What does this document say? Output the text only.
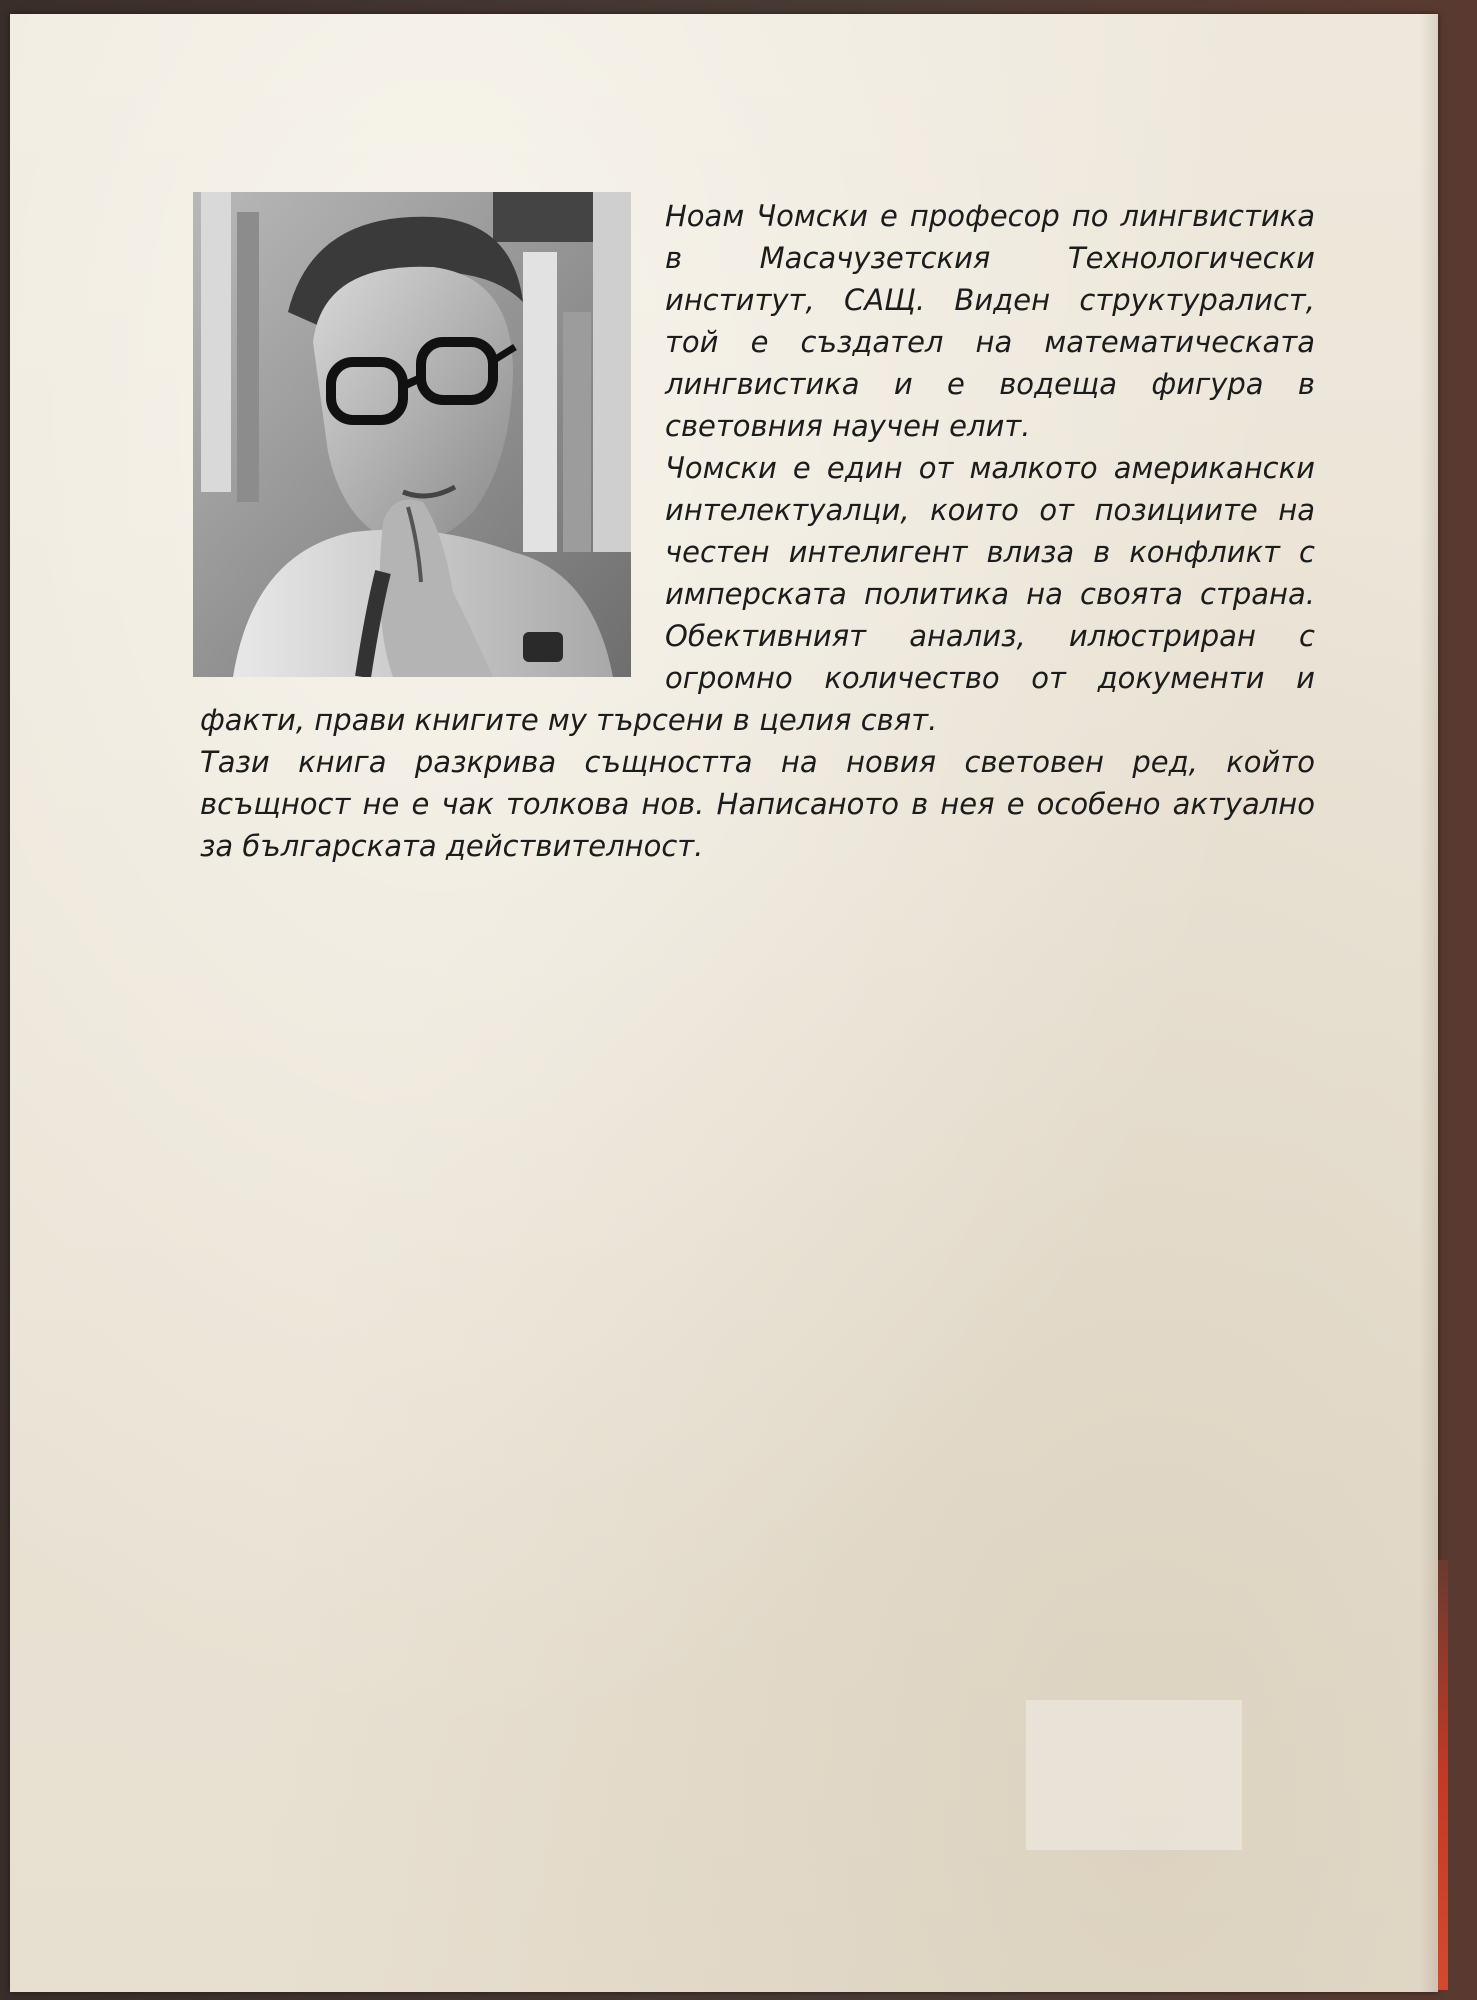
Ноам Чомски е професор по лингвистика
в Масачузетския Технологически
институт, САЩ. Виден структуралист,
той е създател на математическата
лингвистика и е водеща фигура в
световния научен елит.
Чомски е един от малкото американски
интелектуалци, които от позициите на
честен интелигент влиза в конфликт с
имперската политика на своята страна.
Обективният анализ, илюстриран с
огромно количество от документи и
факти, прави книгите му търсени в целия свят.
Тази книга разкрива същността на новия световен ред, който
всъщност не е чак толкова нов. Написаното в нея е особено актуално
за българската действителност.
